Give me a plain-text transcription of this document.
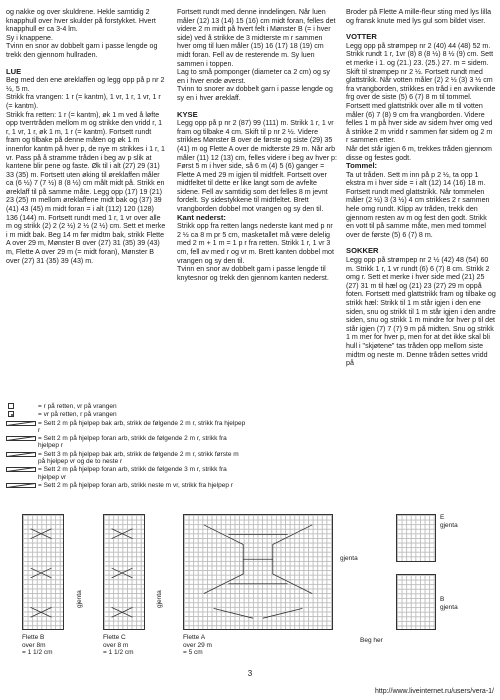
og nakke og over skuldrene. Hekle samtidig 2 knapphull over hver skulder på forstykket. Hvert knapphull er ca 3-4 lm.

Sy i knappene.

Tvinn en snor av dobbelt garn i passe lengde og trekk den gjennom hullraden.

LUE

Beg med den ene øreklaffen og legg opp på p nr 2 ½, 5 m.

Strikk fra vrangen: 1 r (= kantm), 1 vr, 1 r, 1 vr, 1 r (= kantm).

Strikk fra retten: 1 r (= kantm), øk 1 m ved å løfte opp tverrtråden mellom m og strikke den vridd r, 1 r, 1 vr, 1 r, øk 1 m, 1 r (= kantm). Fortsett rundt fram og tilbake på denne måten og øk 1 m innenfor kantm på hver p, de nye m strikkes i 1 r, 1 vr. Pass på å stramme tråden i beg av p slik at kantene blir pene og faste. Øk til i alt (27) 29 (31) 33 (35) m. Fortsett uten øking til øreklaffen måler ca (6 ½) 7 (7 ½) 8 (8 ½) cm målt midt på. Strikk en øreklaff til på samme måte. Legg opp (17) 19 (21) 23 (25) m mellom øreklaffene midt bak og (37) 39 (41) 43 (45) m midt foran = i alt (112) 120 (128) 136 (144) m. Fortsett rundt med 1 r, 1 vr over alle m og strikk (2) 2 (2 ½) 2 ½ (2 ½) cm. Sett et merke i m midt bak. Beg 14 m før midtm bak, strikk Flette A over 29 m, Mønster B over (27) 31 (35) 39 (43) m, Flette A over 29 m (= midt foran), Mønster B over (27) 31 (35) 39 (43) m.

Fortsett rundt med denne inndelingen. Når luen måler (12) 13 (14) 15 (16) cm midt foran, felles det videre 2 m midt på hvert felt i Mønster B (= i hver side) ved å strikke de 3 midterste m r sammen hver omg til luen måler (15) 16 (17) 18 (19) cm midt foran. Fell av de resterende m. Sy luen sammen i toppen.

Lag to små pomponger (diameter ca 2 cm) og sy en i hver ende øverst.

Tvinn to snorer av dobbelt garn i passe lengde og sy en i hver øreklaff.

KYSE

Legg opp på p nr 2 (87) 99 (111) m. Strikk 1 r, 1 vr fram og tilbake 4 cm. Skift til p nr 2 ½. Videre strikkes Mønster B over de første og siste (29) 35 (41) m og Flette A over de midterste 29 m. Når arb måler (11) 12 (13) cm, felles videre i beg av hver p: Først 5 m i hver side, så 6 m (4) 5 (6) ganger = Flette A med 29 m igjen til midtfelt. Fortsett over midtfeltet til dette er like langt som de avfelte sidene. Fell av samtidig som det felles 8 m jevnt fordelt. Sy sidestykkene til midtfeltet. Brett vrangborden dobbel mot vrangen og sy den til.

Kant nederst:

Strikk opp fra retten langs nederste kant med p nr 2 ½ ca 8 m pr 5 cm, masketallet må være delelig med 2 m + 1 m = 1 p r fra retten. Strikk 1 r, 1 vr 3 cm, fell av med r og vr m. Brett kanten dobbel mot vrangen og sy den til.

Tvinn en snor av dobbelt garn i passe lengde til knytesnor og trekk den gjennom kanten nederst.

Broder på Flette A mille-fleur sting med lys lilla og fransk knute med lys gul som bildet viser.

VOTTER

Legg opp på strømpep nr 2 (40) 44 (48) 52 m. Strikk rundt 1 r, 1vr (8) 8 (8 ½) 8 ½ (9) cm. Sett et merke i 1. og (21.) 23. (25.) 27. m = sidem. Skift til strømpep nr 2 ½. Fortsett rundt med glattstrikk. Når votten måler (2) 2 ½ (3) 3 ½ cm fra vrangborden, strikkes en tråd i en avvikende frg over de siste (5) 6 (7) 8 m til tommel. Fortsett med glattstrikk over alle m til votten måler (6) 7 (8) 9 cm fra vrangborden. Videre felles 1 m på hver side av sidem hver omg ved å strikke 2 m vridd r sammen før sidem og 2 m r sammen etter.

Når det står igjen 6 m, trekkes tråden gjennom disse og festes godt.

Tommel:

Ta ut tråden. Sett m inn på p 2 ½, ta opp 1 ekstra m i hver side = i alt (12) 14 (16) 18 m. Fortsett rundt med glattstrikk. Når tommelen måler (2 ½) 3 (3 ½) 4 cm strikkes 2 r sammen hele omg rundt. Klipp av tråden, trekk den gjennom resten av m og fest den godt. Strikk en vott til på samme måte, men med tommel over de første (5) 6 (7) 8 m.

SOKKER

Legg opp på strømpep nr 2 ½ (42) 48 (54) 60 m. Strikk 1 r, 1 vr rundt (6) 6 (7) 8 cm. Strikk 2 omg r. Sett et merke i hver side med (21) 25 (27) 31 m til hæl og (21) 23 (27) 29 m oppå foten. Fortsett med glattstrikk fram og tilbake og strikk hæl: Strikk til 1 m står igjen i den ene siden, snu og strikk til 1 m står igjen i den andre siden, snu og strikk 1 m mindre for hver p til det står igjen (7) 7 (7) 9 m på midten. Snu og strikk 1 m mer for hver p, men for at det ikke skal bli hull i "skjøtene" tas tråden opp mellom siste midtm og neste m. Denne tråden settes vridd på

= r på retten, vr på vrangen
= vr på retten, r på vrangen
= Sett 2 m på hjelpep bak arb, strikk de følgende 2 m r, strikk fra hjelpep r
= Sett 2 m på hjelpep foran arb, strikk de følgende 2 m r, strikk fra hjelpep r
= Sett 3 m på hjelpep bak arb, strikk de følgende 2 m r, strikk første m på hjelpep vr og de to neste r
= Sett 2 m på hjelpep foran arb, strikk de følgende 3 m r, strikk fra hjelpep vr
= Sett 2 m på hjelpep foran arb, strikk neste m vr, strikk fra hjelpep r
gjenta
Flette B
over 8m
= 1 1/2 cm
gjenta
Flette C
over 8 m
= 1 1/2 cm
gjenta
Beg her
Flette A
over 29 m
= 5 cm
E
gjenta
B
gjenta
3
http://www.liveinternet.ru/users/vera-1/
